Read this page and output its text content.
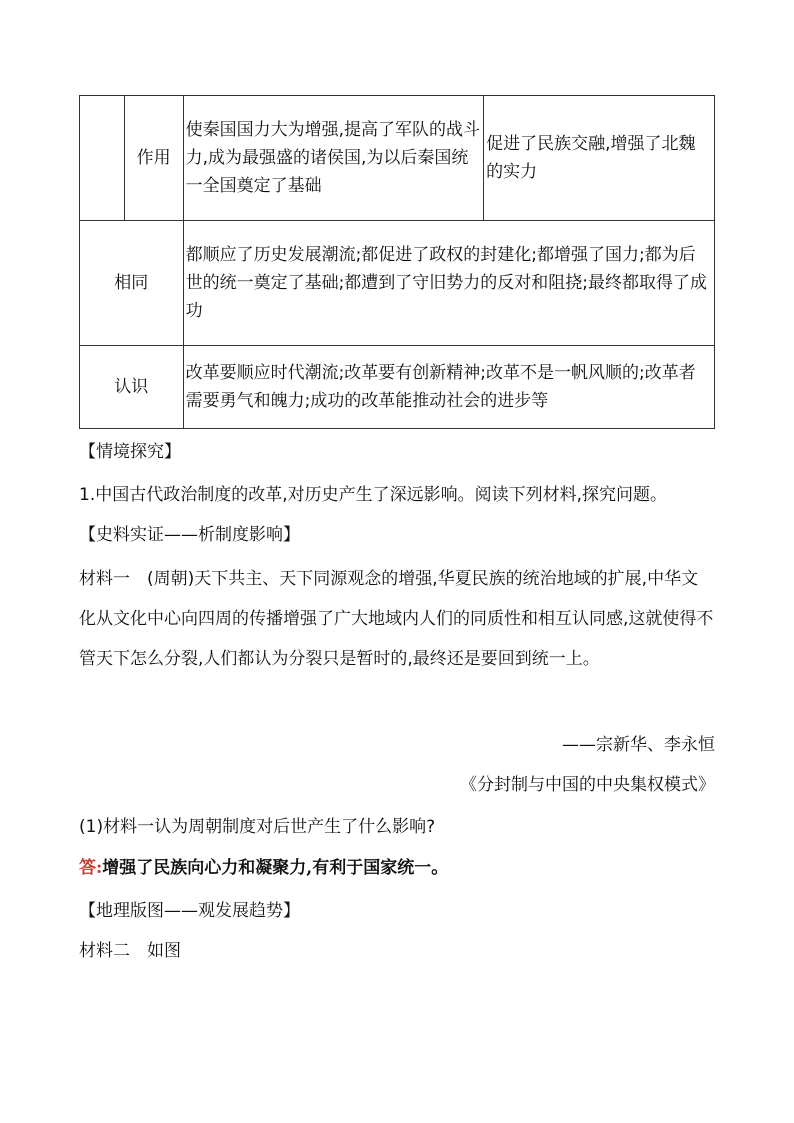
	作用	使秦国国力大为增强,提高了军队的战斗力,成为最强盛的诸侯国,为以后秦国统一全国奠定了基础	促进了民族交融,增强了北魏的实力
相同		都顺应了历史发展潮流;都促进了政权的封建化;都增强了国力;都为后世的统一奠定了基础;都遭到了守旧势力的反对和阻挠;最终都取得了成功	
认识		改革要顺应时代潮流;改革要有创新精神;改革不是一帆风顺的;改革者需要勇气和魄力;成功的改革能推动社会的进步等	
【情境探究】
1.中国古代政治制度的改革,对历史产生了深远影响。阅读下列材料,探究问题。
【史料实证——析制度影响】
材料一　(周朝)天下共主、天下同源观念的增强,华夏民族的统治地域的扩展,中华文化从文化中心向四周的传播增强了广大地域内人们的同质性和相互认同感,这就使得不管天下怎么分裂,人们都认为分裂只是暂时的,最终还是要回到统一上。
——宗新华、李永恒
《分封制与中国的中央集权模式》
(1)材料一认为周朝制度对后世产生了什么影响?
答:增强了民族向心力和凝聚力,有利于国家统一。
【地理版图——观发展趋势】
材料二　如图
